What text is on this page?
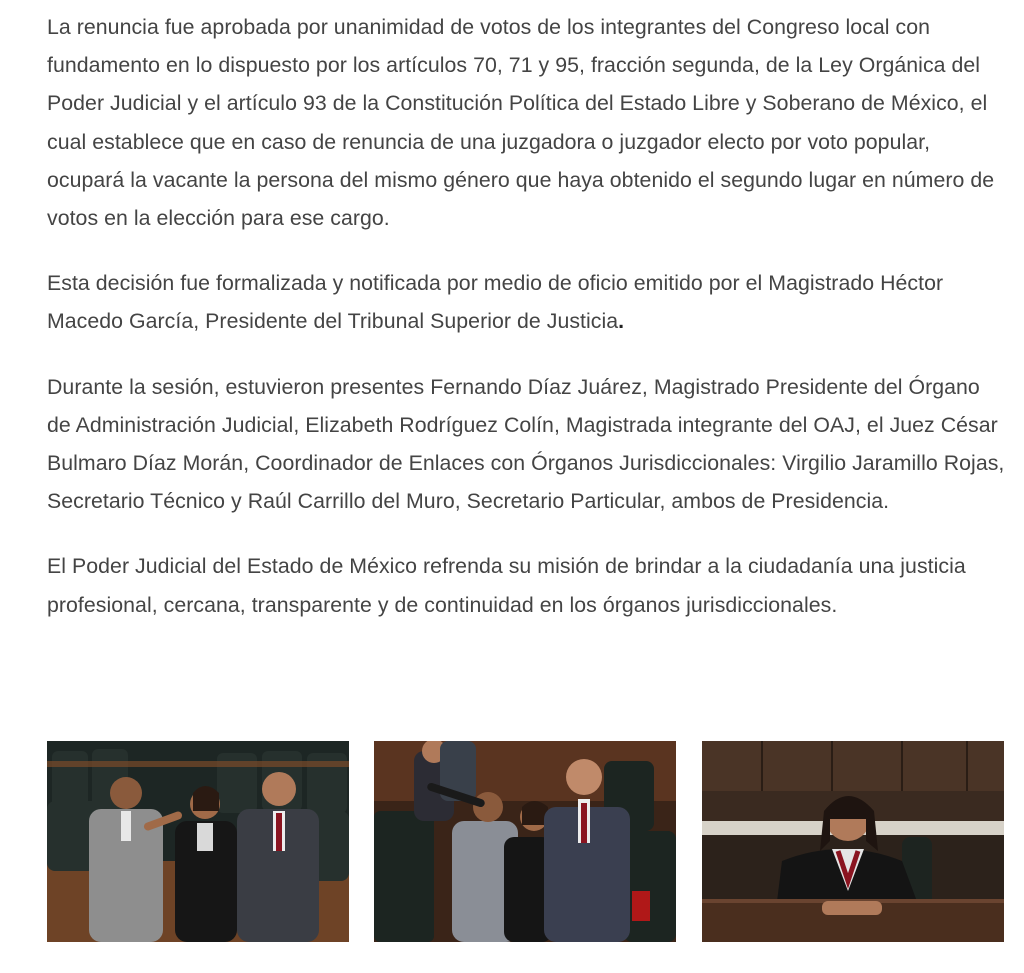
La renuncia fue aprobada por unanimidad de votos de los integrantes del Congreso local con fundamento en lo dispuesto por los artículos 70, 71 y 95, fracción segunda, de la Ley Orgánica del Poder Judicial y el artículo 93 de la Constitución Política del Estado Libre y Soberano de México, el cual establece que en caso de renuncia de una juzgadora o juzgador electo por voto popular, ocupará la vacante la persona del mismo género que haya obtenido el segundo lugar en número de votos en la elección para ese cargo.

Esta decisión fue formalizada y notificada por medio de oficio emitido por el Magistrado Héctor Macedo García, Presidente del Tribunal Superior de Justicia.

Durante la sesión, estuvieron presentes Fernando Díaz Juárez, Magistrado Presidente del Órgano de Administración Judicial, Elizabeth Rodríguez Colín, Magistrada integrante del OAJ, el Juez César Bulmaro Díaz Morán, Coordinador de Enlaces con Órganos Jurisdiccionales: Virgilio Jaramillo Rojas, Secretario Técnico y Raúl Carrillo del Muro, Secretario Particular, ambos de Presidencia.

El Poder Judicial del Estado de México refrenda su misión de brindar a la ciudadanía una justicia profesional, cercana, transparente y de continuidad en los órganos jurisdiccionales.
